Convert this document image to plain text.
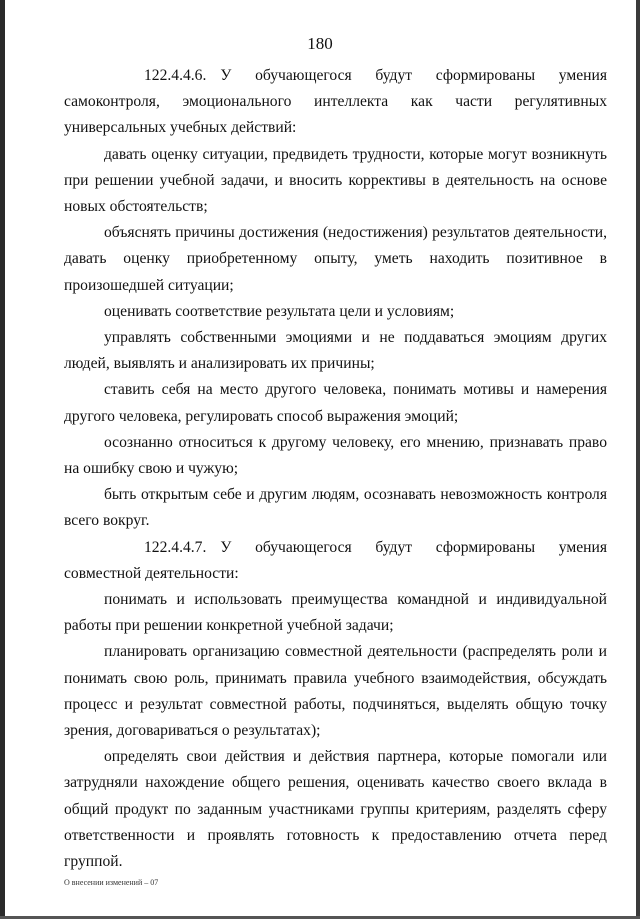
180

122.4.4.6. У обучающегося будут сформированы умения самоконтроля, эмоционального интеллекта как части регулятивных универсальных учебных действий:

давать оценку ситуации, предвидеть трудности, которые могут возникнуть при решении учебной задачи, и вносить коррективы в деятельность на основе новых обстоятельств;

объяснять причины достижения (недостижения) результатов деятельности, давать оценку приобретенному опыту, уметь находить позитивное в произошедшей ситуации;

оценивать соответствие результата цели и условиям;

управлять собственными эмоциями и не поддаваться эмоциям других людей, выявлять и анализировать их причины;

ставить себя на место другого человека, понимать мотивы и намерения другого человека, регулировать способ выражения эмоций;

осознанно относиться к другому человеку, его мнению, признавать право на ошибку свою и чужую;

быть открытым себе и другим людям, осознавать невозможность контроля всего вокруг.

122.4.4.7. У обучающегося будут сформированы умения совместной деятельности:

понимать и использовать преимущества командной и индивидуальной работы при решении конкретной учебной задачи;

планировать организацию совместной деятельности (распределять роли и понимать свою роль, принимать правила учебного взаимодействия, обсуждать процесс и результат совместной работы, подчиняться, выделять общую точку зрения, договариваться о результатах);

определять свои действия и действия партнера, которые помогали или затрудняли нахождение общего решения, оценивать качество своего вклада в общий продукт по заданным участниками группы критериям, разделять сферу ответственности и проявлять готовность к предоставлению отчета перед группой.

О внесении изменений – 07
